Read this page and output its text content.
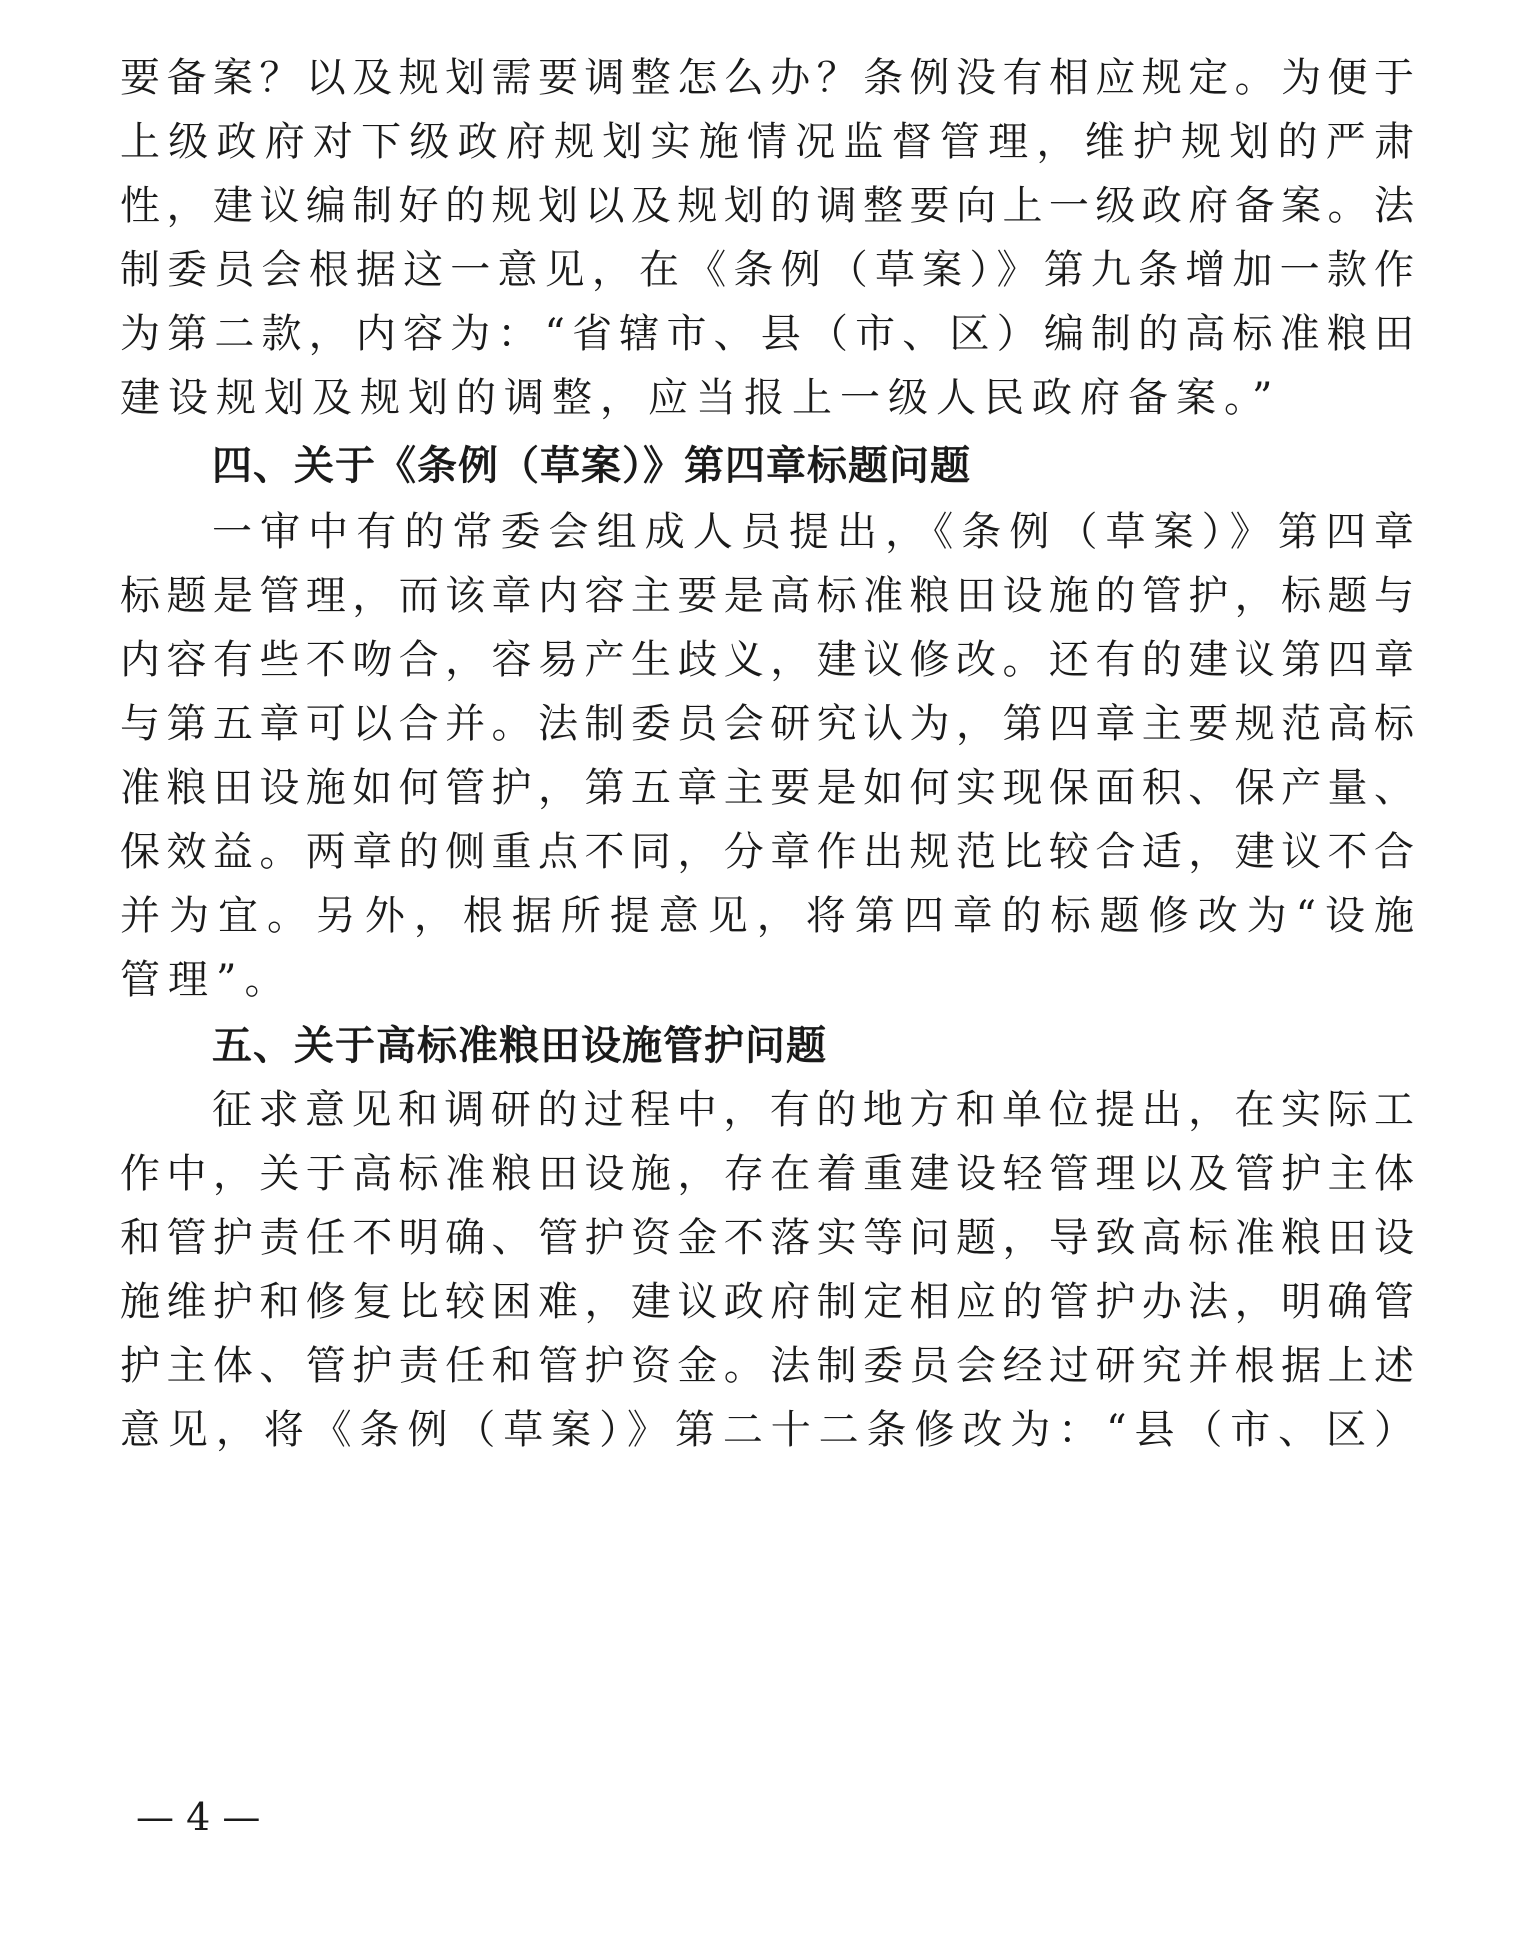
要备案？以及规划需要调整怎么办？条例没有相应规定。为便于
上级政府对下级政府规划实施情况监督管理，维护规划的严肃
性，建议编制好的规划以及规划的调整要向上一级政府备案。法
制委员会根据这一意见，在《条例（草案）》第九条增加一款作
为第二款，内容为：“省辖市、县（市、区）编制的高标准粮田
建设规划及规划的调整，应当报上一级人民政府备案。”
四、关于《条例（草案）》第四章标题问题
一审中有的常委会组成人员提出，《条例（草案）》第四章
标题是管理，而该章内容主要是高标准粮田设施的管护，标题与
内容有些不吻合，容易产生歧义，建议修改。还有的建议第四章
与第五章可以合并。法制委员会研究认为，第四章主要规范高标
准粮田设施如何管护，第五章主要是如何实现保面积、保产量、
保效益。两章的侧重点不同，分章作出规范比较合适，建议不合
并为宜。另外，根据所提意见，将第四章的标题修改为“设施
管理”。
五、关于高标准粮田设施管护问题
征求意见和调研的过程中，有的地方和单位提出，在实际工
作中，关于高标准粮田设施，存在着重建设轻管理以及管护主体
和管护责任不明确、管护资金不落实等问题，导致高标准粮田设
施维护和修复比较困难，建议政府制定相应的管护办法，明确管
护主体、管护责任和管护资金。法制委员会经过研究并根据上述
意见，将《条例（草案）》第二十二条修改为：“县（市、区）
— 4 —
